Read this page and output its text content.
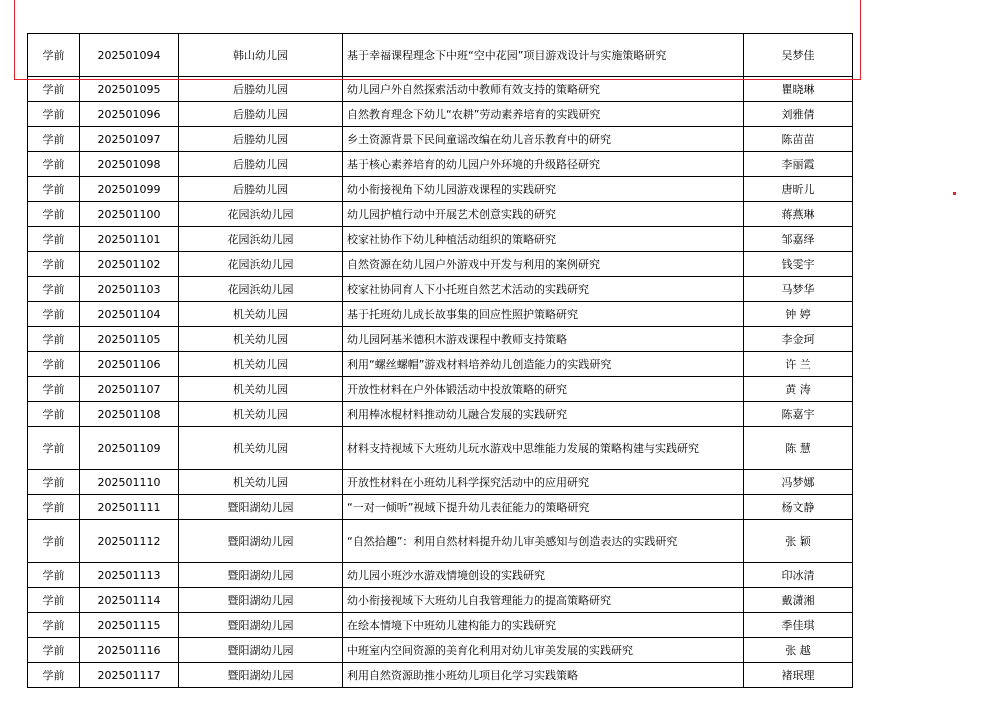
学前	202501094	韩山幼儿园	基于幸福课程理念下中班“空中花园”项目游戏设计与实施策略研究	吴梦佳
学前	202501095	后塍幼儿园	幼儿园户外自然探索活动中教师有效支持的策略研究	瞿晓琳
学前	202501096	后塍幼儿园	自然教育理念下幼儿“农耕”劳动素养培育的实践研究	刘雅倩
学前	202501097	后塍幼儿园	乡土资源背景下民间童谣改编在幼儿音乐教育中的研究	陈苗苗
学前	202501098	后塍幼儿园	基于核心素养培育的幼儿园户外环境的升级路径研究	李丽霞
学前	202501099	后塍幼儿园	幼小衔接视角下幼儿园游戏课程的实践研究	唐昕儿
学前	202501100	花园浜幼儿园	幼儿园护植行动中开展艺术创意实践的研究	蒋燕琳
学前	202501101	花园浜幼儿园	校家社协作下幼儿种植活动组织的策略研究	邹嘉绎
学前	202501102	花园浜幼儿园	自然资源在幼儿园户外游戏中开发与利用的案例研究	钱雯宇
学前	202501103	花园浜幼儿园	校家社协同育人下小托班自然艺术活动的实践研究	马梦华
学前	202501104	机关幼儿园	基于托班幼儿成长故事集的回应性照护策略研究	钟 婷
学前	202501105	机关幼儿园	幼儿园阿基米德积木游戏课程中教师支持策略	李金珂
学前	202501106	机关幼儿园	利用“螺丝螺帽”游戏材料培养幼儿创造能力的实践研究	许 兰
学前	202501107	机关幼儿园	开放性材料在户外体锻活动中投放策略的研究	黄 涛
学前	202501108	机关幼儿园	利用棒冰棍材料推动幼儿融合发展的实践研究	陈嘉宇
学前	202501109	机关幼儿园	材料支持视域下大班幼儿玩水游戏中思维能力发展的策略构建与实践研究	陈 慧
学前	202501110	机关幼儿园	开放性材料在小班幼儿科学探究活动中的应用研究	冯梦娜
学前	202501111	暨阳湖幼儿园	“一对一倾听”视域下提升幼儿表征能力的策略研究	杨文静
学前	202501112	暨阳湖幼儿园	“自然拾趣”：利用自然材料提升幼儿审美感知与创造表达的实践研究	张 颖
学前	202501113	暨阳湖幼儿园	幼儿园小班沙水游戏情境创设的实践研究	印冰清
学前	202501114	暨阳湖幼儿园	幼小衔接视域下大班幼儿自我管理能力的提高策略研究	戴潇湘
学前	202501115	暨阳湖幼儿园	在绘本情境下中班幼儿建构能力的实践研究	季佳琪
学前	202501116	暨阳湖幼儿园	中班室内空间资源的美育化利用对幼儿审美发展的实践研究	张 越
学前	202501117	暨阳湖幼儿园	利用自然资源助推小班幼儿项目化学习实践策略	褚珉理
